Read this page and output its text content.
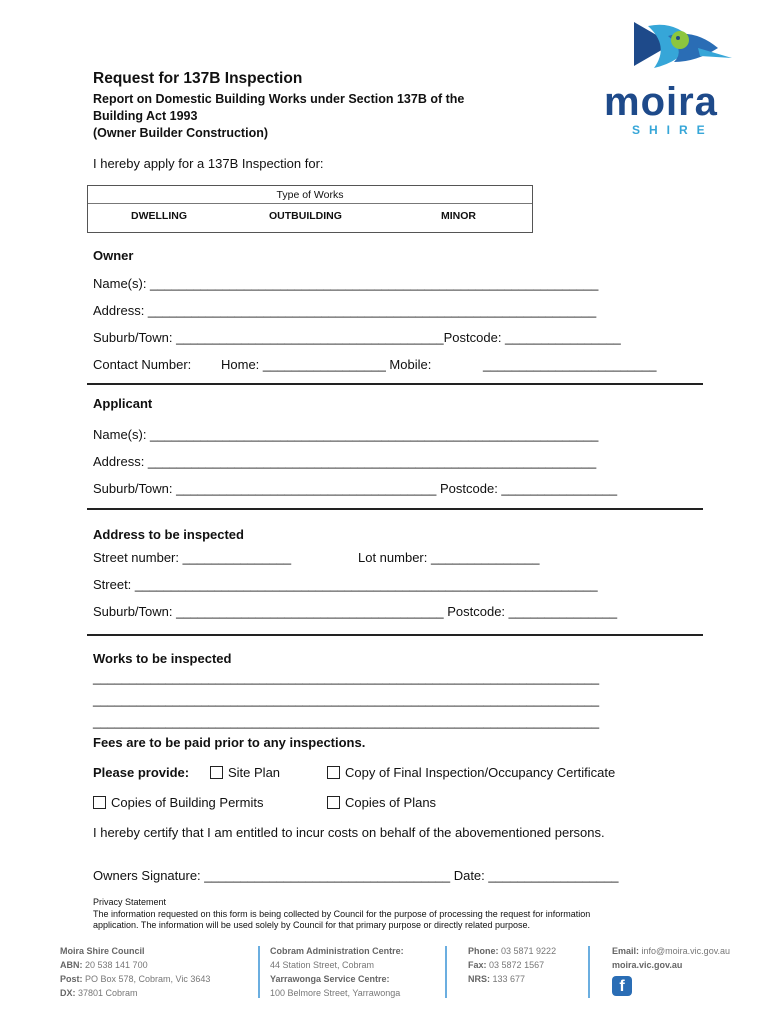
moira
SHIRE
Request for 137B Inspection
Report on Domestic Building Works under Section 137B of the
Building Act 1993
(Owner Builder Construction)
I hereby apply for a 137B Inspection for:
Type of Works
DWELLING	OUTBUILDING	MINOR
Owner
Name(s): ______________________________________________________________
Address: ______________________________________________________________
Suburb/Town: _____________________________________Postcode: ________________
Contact Number: Home: _________________ Mobile:	________________________
Applicant
Name(s): ______________________________________________________________
Address: ______________________________________________________________
Suburb/Town: ____________________________________ Postcode: ________________
Address to be inspected
Street number: _______________	Lot number: _______________
Street: ________________________________________________________________
Suburb/Town: _____________________________________ Postcode: _______________
Works to be inspected
______________________________________________________________________
______________________________________________________________________
______________________________________________________________________
Fees are to be paid prior to any inspections.
Please provide:	Site Plan	Copy of Final Inspection/Occupancy Certificate
Copies of Building Permits	Copies of Plans
I hereby certify that I am entitled to incur costs on behalf of the abovementioned persons.
Owners Signature: __________________________________ Date: __________________
Privacy Statement
The information requested on this form is being collected by Council for the purpose of processing the request for information
application. The information will be used solely by Council for that primary purpose or directly related purpose.
Moira Shire Council
ABN: 20 538 141 700
Post: PO Box 578, Cobram, Vic 3643
DX: 37801 Cobram
Cobram Administration Centre:
44 Station Street, Cobram
Yarrawonga Service Centre:
100 Belmore Street, Yarrawonga
Phone: 03 5871 9222
Fax: 03 5872 1567
NRS: 133 677
Email: info@moira.vic.gov.au
moira.vic.gov.au
f
